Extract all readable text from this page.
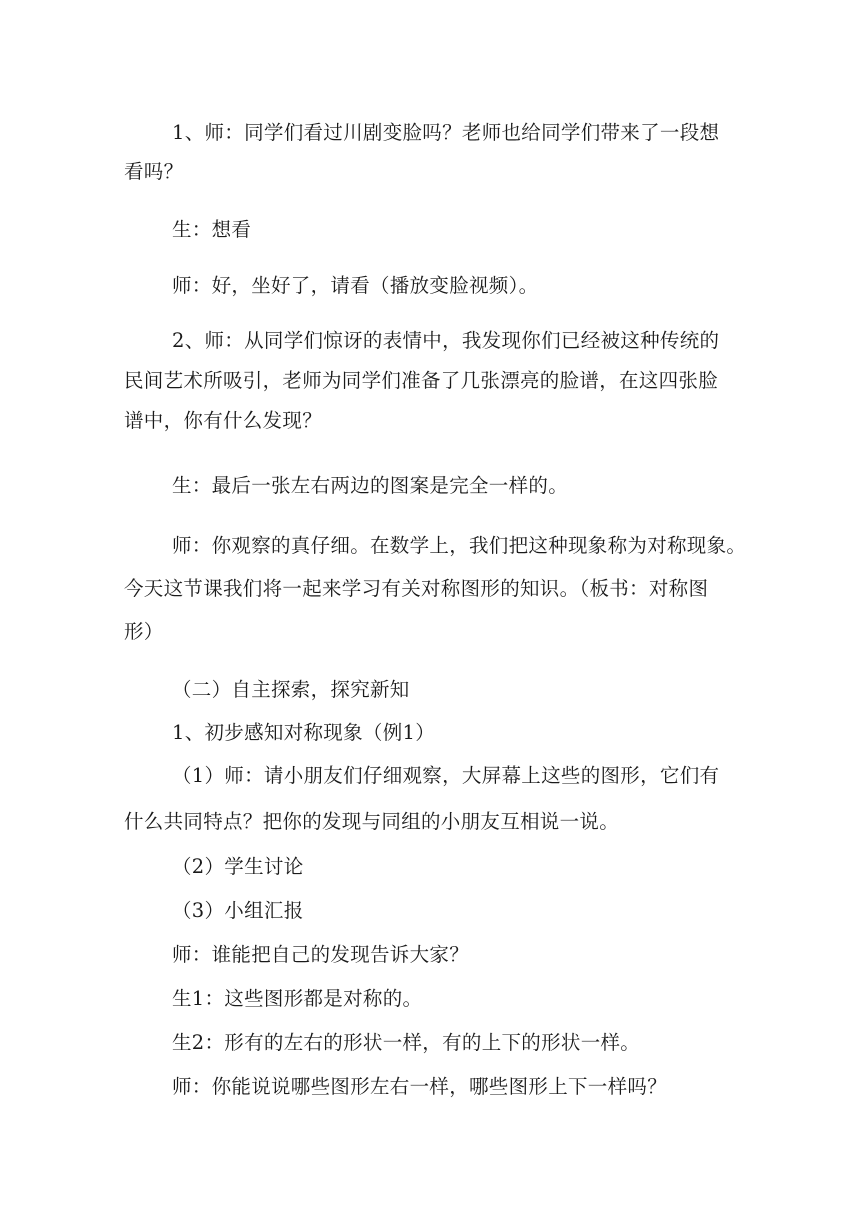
1、师：同学们看过川剧变脸吗？老师也给同学们带来了一段想

看吗？

生：想看

师：好，坐好了，请看（播放变脸视频）。

2、师：从同学们惊讶的表情中，我发现你们已经被这种传统的

民间艺术所吸引，老师为同学们准备了几张漂亮的脸谱，在这四张脸

谱中，你有什么发现？

生：最后一张左右两边的图案是完全一样的。

师：你观察的真仔细。在数学上，我们把这种现象称为对称现象。

今天这节课我们将一起来学习有关对称图形的知识。（板书：对称图

形）

（二）自主探索，探究新知

1、初步感知对称现象（例1）

（1）师：请小朋友们仔细观察，大屏幕上这些的图形，它们有

什么共同特点？把你的发现与同组的小朋友互相说一说。

（2）学生讨论

（3）小组汇报

师：谁能把自己的发现告诉大家？

生1：这些图形都是对称的。

生2：形有的左右的形状一样，有的上下的形状一样。

师：你能说说哪些图形左右一样，哪些图形上下一样吗？
